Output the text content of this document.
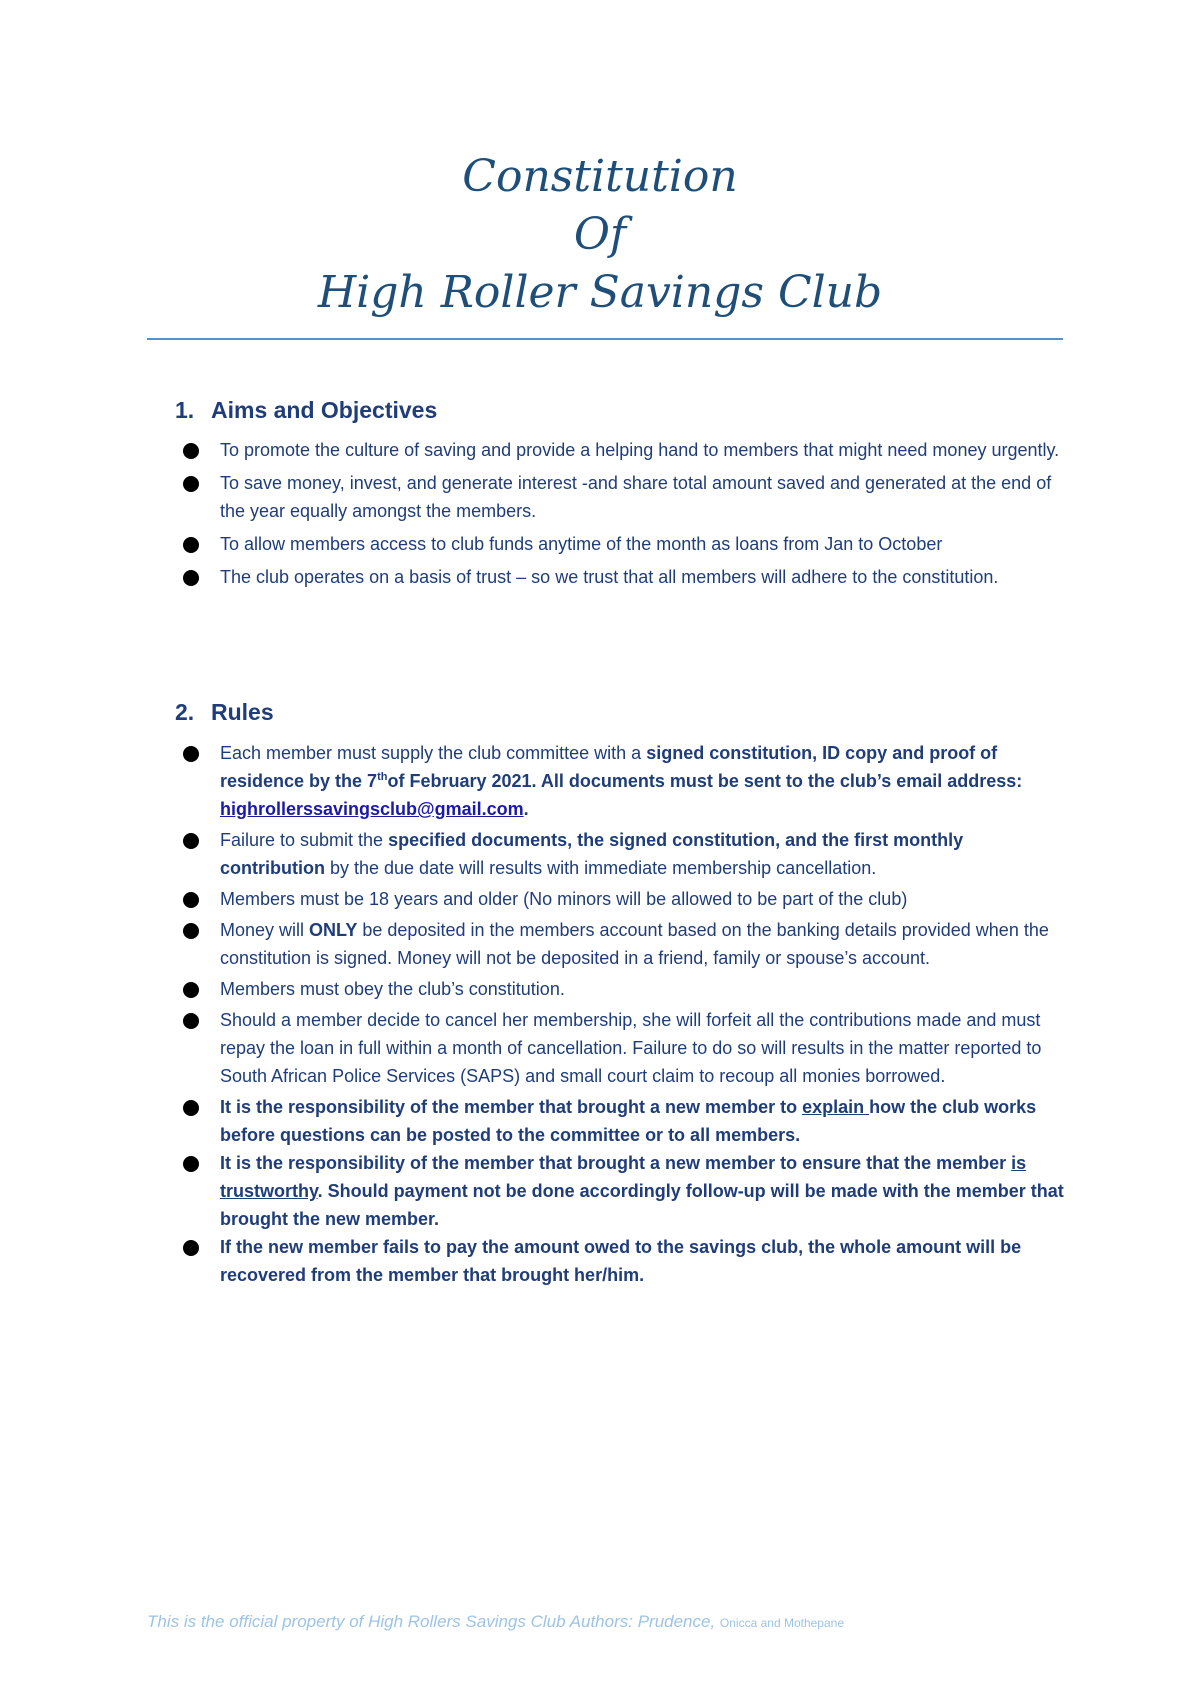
Constitution
Of
High Roller Savings Club
1. Aims and Objectives
To promote the culture of saving and provide a helping hand to members that might need money urgently.
To save money, invest, and generate interest -and share total amount saved and generated at the end of the year equally amongst the members.
To allow members access to club funds anytime of the month as loans from Jan to October
The club operates on a basis of trust – so we trust that all members will adhere to the constitution.
2. Rules
Each member must supply the club committee with a signed constitution, ID copy and proof of residence by the 7thof February 2021. All documents must be sent to the club’s email address: highrollerssavingsclub@gmail.com.
Failure to submit the specified documents, the signed constitution, and the first monthly contribution by the due date will results with immediate membership cancellation.
Members must be 18 years and older (No minors will be allowed to be part of the club)
Money will ONLY be deposited in the members account based on the banking details provided when the constitution is signed. Money will not be deposited in a friend, family or spouse’s account.
Members must obey the club’s constitution.
Should a member decide to cancel her membership, she will forfeit all the contributions made and must repay the loan in full within a month of cancellation. Failure to do so will results in the matter reported to South African Police Services (SAPS) and small court claim to recoup all monies borrowed.
It is the responsibility of the member that brought a new member to explain how the club works before questions can be posted to the committee or to all members.
It is the responsibility of the member that brought a new member to ensure that the member is trustworthy. Should payment not be done accordingly follow-up will be made with the member that brought the new member.
If the new member fails to pay the amount owed to the savings club, the whole amount will be recovered from the member that brought her/him.
This is the official property of High Rollers Savings Club Authors: Prudence, Onicca and Mothepane
